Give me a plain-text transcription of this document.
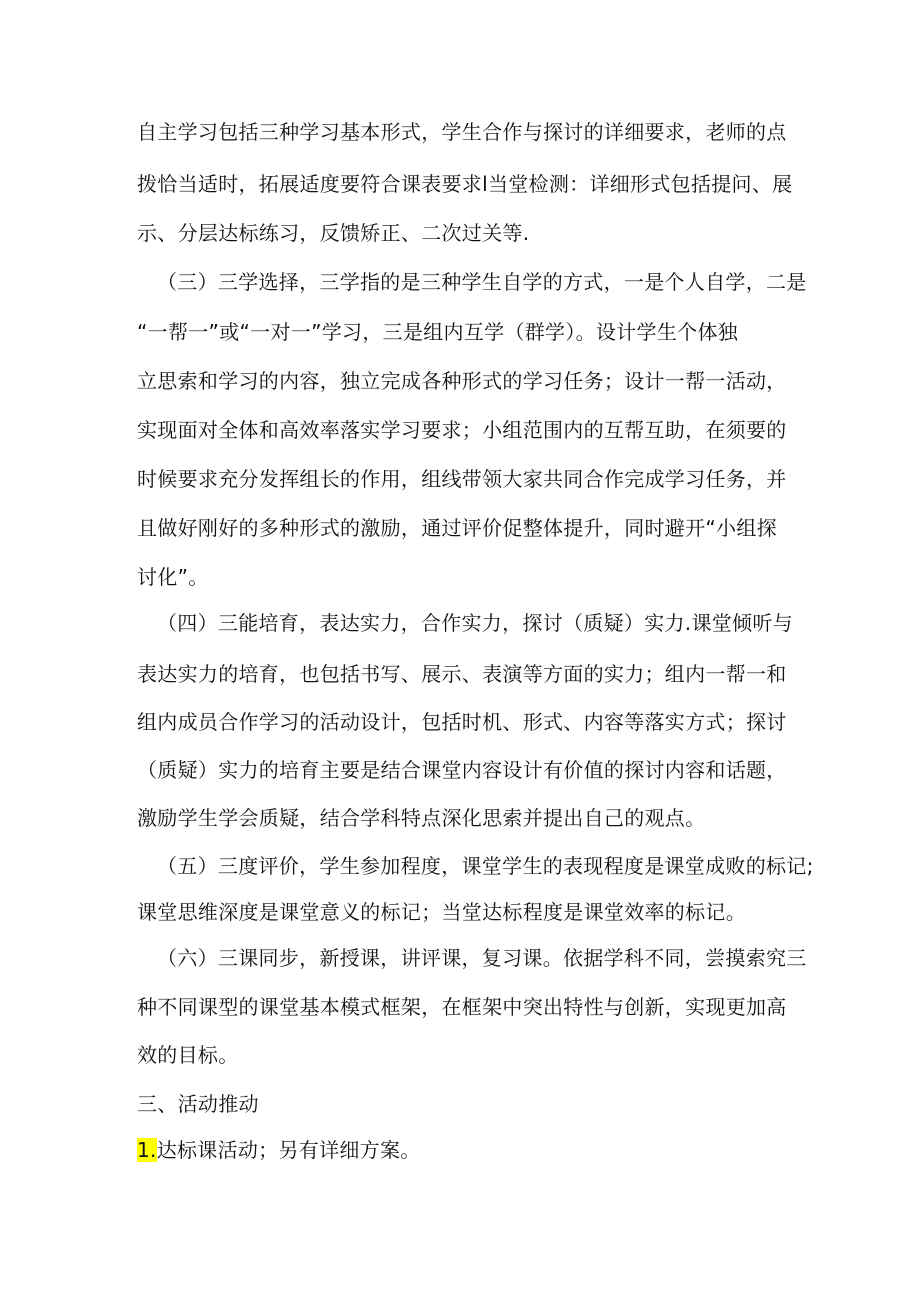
自主学习包括三种学习基本形式，学生合作与探讨的详细要求，老师的点
拨恰当适时，拓展适度要符合课表要求l当堂检测：详细形式包括提问、展
示、分层达标练习，反馈矫正、二次过关等.
（三）三学选择，三学指的是三种学生自学的方式，一是个人自学，二是
“一帮一”或“一对一”学习，三是组内互学（群学）。设计学生个体独
立思索和学习的内容，独立完成各种形式的学习任务；设计一帮一活动，
实现面对全体和高效率落实学习要求；小组范围内的互帮互助，在须要的
时候要求充分发挥组长的作用，组线带领大家共同合作完成学习任务，并
且做好刚好的多种形式的激励，通过评价促整体提升，同时避开“小组探
讨化”。
（四）三能培育，表达实力，合作实力，探讨（质疑）实力.课堂倾听与
表达实力的培育，也包括书写、展示、表演等方面的实力；组内一帮一和
组内成员合作学习的活动设计，包括时机、形式、内容等落实方式；探讨
（质疑）实力的培育主要是结合课堂内容设计有价值的探讨内容和话题，
激励学生学会质疑，结合学科特点深化思索并提出自己的观点。
（五）三度评价，学生参加程度，课堂学生的表现程度是课堂成败的标记;
课堂思维深度是课堂意义的标记；当堂达标程度是课堂效率的标记。
（六）三课同步，新授课，讲评课，复习课。依据学科不同，尝摸索究三
种不同课型的课堂基本模式框架，在框架中突出特性与创新，实现更加高
效的目标。
三、活动推动
1.达标课活动；另有详细方案。
